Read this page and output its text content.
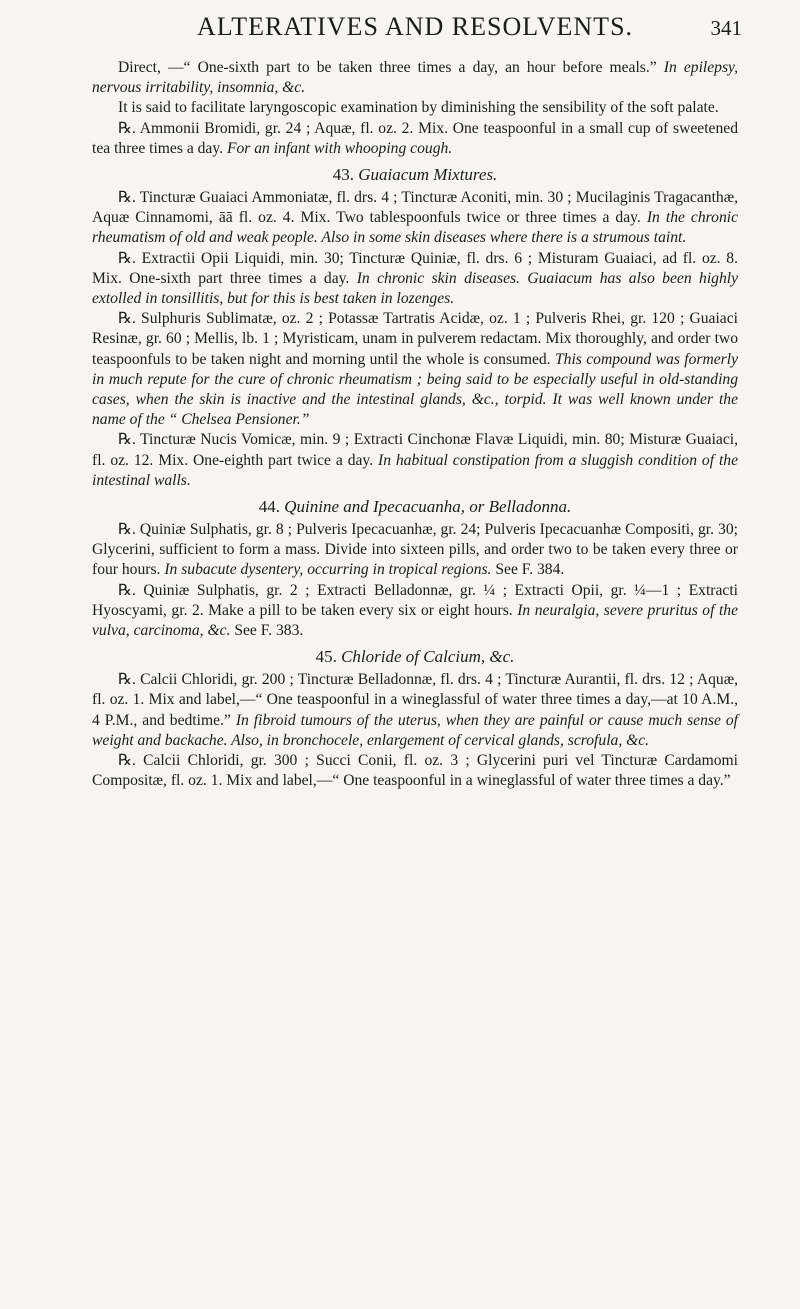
ALTERATIVES AND RESOLVENTS.	341

Direct, —“ One-sixth part to be taken three times a day, an hour before meals.” In epilepsy, nervous irritability, insomnia, &c.

It is said to facilitate laryngoscopic examination by diminishing the sensibility of the soft palate.

℞. Ammonii Bromidi, gr. 24 ; Aquæ, fl. oz. 2. Mix. One teaspoonful in a small cup of sweetened tea three times a day. For an infant with whooping cough.

43. Guaiacum Mixtures.

℞. Tincturæ Guaiaci Ammoniatæ, fl. drs. 4 ; Tincturæ Aconiti, min. 30 ; Mucilaginis Tragacanthæ, Aquæ Cinnamomi, āā fl. oz. 4. Mix. Two tablespoonfuls twice or three times a day. In the chronic rheumatism of old and weak people. Also in some skin diseases where there is a strumous taint.

℞. Extractii Opii Liquidi, min. 30; Tincturæ Quiniæ, fl. drs. 6 ; Misturam Guaiaci, ad fl. oz. 8. Mix. One-sixth part three times a day. In chronic skin diseases. Guaiacum has also been highly extolled in tonsillitis, but for this is best taken in lozenges.

℞. Sulphuris Sublimatæ, oz. 2 ; Potassæ Tartratis Acidæ, oz. 1 ; Pulveris Rhei, gr. 120 ; Guaiaci Resinæ, gr. 60 ; Mellis, lb. 1 ; Myristicam, unam in pulverem redactam. Mix thoroughly, and order two teaspoonfuls to be taken night and morning until the whole is consumed. This compound was formerly in much repute for the cure of chronic rheumatism ; being said to be especially useful in old-standing cases, when the skin is inactive and the intestinal glands, &c., torpid. It was well known under the name of the “ Chelsea Pensioner.”

℞. Tincturæ Nucis Vomicæ, min. 9 ; Extracti Cinchonæ Flavæ Liquidi, min. 80; Misturæ Guaiaci, fl. oz. 12. Mix. One-eighth part twice a day. In habitual constipation from a sluggish condition of the intestinal walls.

44. Quinine and Ipecacuanha, or Belladonna.

℞. Quiniæ Sulphatis, gr. 8 ; Pulveris Ipecacuanhæ, gr. 24; Pulveris Ipecacuanhæ Compositi, gr. 30; Glycerini, sufficient to form a mass. Divide into sixteen pills, and order two to be taken every three or four hours. In subacute dysentery, occurring in tropical regions. See F. 384.

℞. Quiniæ Sulphatis, gr. 2 ; Extracti Belladonnæ, gr. ¼ ; Extracti Opii, gr. ¼—1 ; Extracti Hyoscyami, gr. 2. Make a pill to be taken every six or eight hours. In neuralgia, severe pruritus of the vulva, carcinoma, &c. See F. 383.

45. Chloride of Calcium, &c.

℞. Calcii Chloridi, gr. 200 ; Tincturæ Belladonnæ, fl. drs. 4 ; Tincturæ Aurantii, fl. drs. 12 ; Aquæ, fl. oz. 1. Mix and label,—“ One teaspoonful in a wineglassful of water three times a day,—at 10 A.M., 4 P.M., and bedtime.” In fibroid tumours of the uterus, when they are painful or cause much sense of weight and backache. Also, in bronchocele, enlargement of cervical glands, scrofula, &c.

℞. Calcii Chloridi, gr. 300 ; Succi Conii, fl. oz. 3 ; Glycerini puri vel Tincturæ Cardamomi Compositæ, fl. oz. 1. Mix and label,—“ One teaspoonful in a wineglassful of water three times a day.”
